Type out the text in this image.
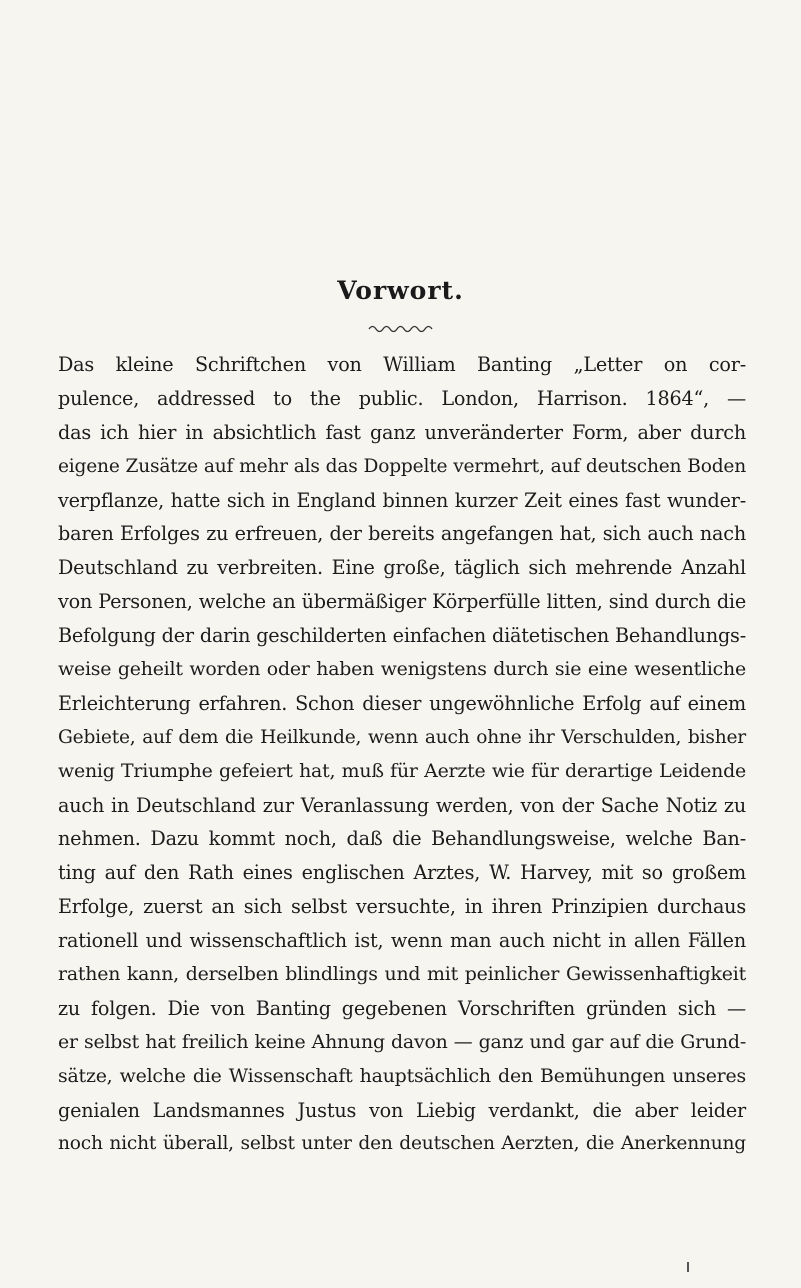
Vorwort.
Das kleine Schriftchen von William Banting „Letter on cor-
pulence, addressed to the public. London, Harrison. 1864“, —
das ich hier in absichtlich fast ganz unveränderter Form, aber durch
eigene Zusätze auf mehr als das Doppelte vermehrt, auf deutschen Boden
verpflanze, hatte sich in England binnen kurzer Zeit eines fast wunder-
baren Erfolges zu erfreuen, der bereits angefangen hat, sich auch nach
Deutschland zu verbreiten. Eine große, täglich sich mehrende Anzahl
von Personen, welche an übermäßiger Körperfülle litten, sind durch die
Befolgung der darin geschilderten einfachen diätetischen Behandlungs-
weise geheilt worden oder haben wenigstens durch sie eine wesentliche
Erleichterung erfahren. Schon dieser ungewöhnliche Erfolg auf einem
Gebiete, auf dem die Heilkunde, wenn auch ohne ihr Verschulden, bisher
wenig Triumphe gefeiert hat, muß für Aerzte wie für derartige Leidende
auch in Deutschland zur Veranlassung werden, von der Sache Notiz zu
nehmen. Dazu kommt noch, daß die Behandlungsweise, welche Ban-
ting auf den Rath eines englischen Arztes, W. Harvey, mit so großem
Erfolge, zuerst an sich selbst versuchte, in ihren Prinzipien durchaus
rationell und wissenschaftlich ist, wenn man auch nicht in allen Fällen
rathen kann, derselben blindlings und mit peinlicher Gewissenhaftigkeit
zu folgen. Die von Banting gegebenen Vorschriften gründen sich —
er selbst hat freilich keine Ahnung davon — ganz und gar auf die Grund-
sätze, welche die Wissenschaft hauptsächlich den Bemühungen unseres
genialen Landsmannes Justus von Liebig verdankt, die aber leider
noch nicht überall, selbst unter den deutschen Aerzten, die Anerkennung
